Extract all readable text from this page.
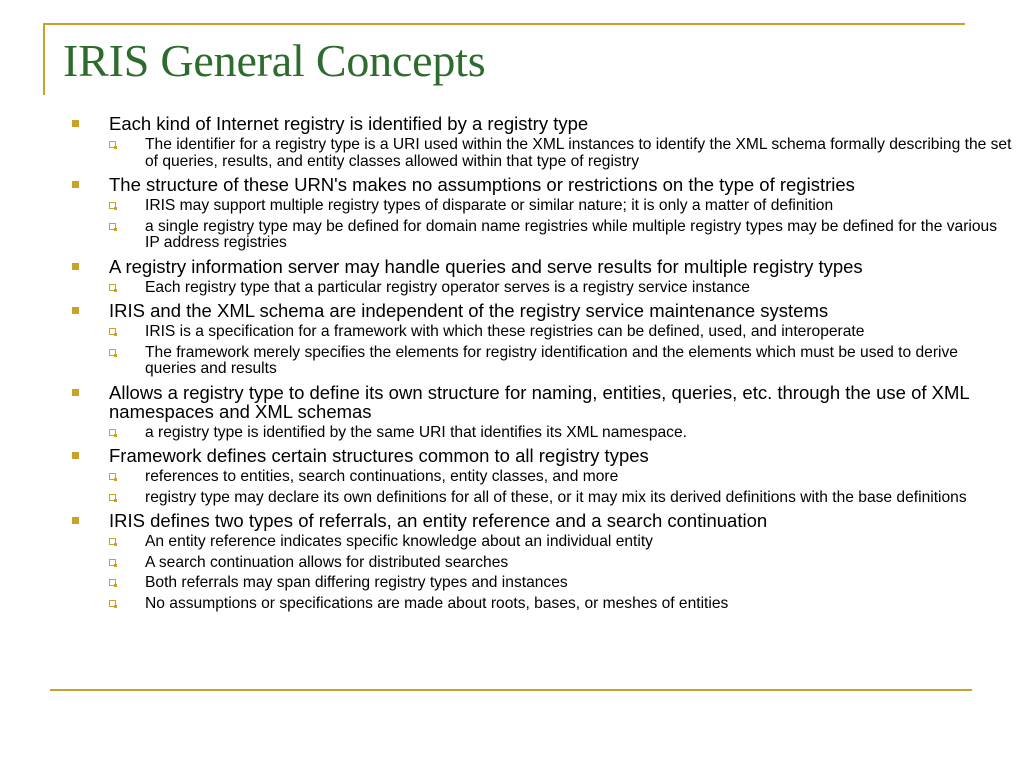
IRIS General Concepts
Each kind of Internet registry is identified by a registry type
The identifier for a registry type is a URI used within the XML instances to identify the XML schema formally describing the set of queries, results, and entity classes allowed within that type of registry
The structure of these URN's makes no assumptions or restrictions on the type of registries
IRIS may support multiple registry types of disparate or similar nature; it is only a matter of definition
a single registry type may be defined for domain name registries while multiple registry types may be defined for the various IP address registries
A registry information server may handle queries and serve results for multiple registry types
Each registry type that a particular registry operator serves is a registry service instance
IRIS and the XML schema are independent of the registry service maintenance systems
IRIS is a specification for a framework with which these registries can be defined, used, and interoperate
The framework merely specifies the elements for registry identification and the elements which must be used to derive queries and results
Allows a registry type to define its own structure for naming, entities, queries, etc. through the use of XML namespaces and XML schemas
a registry type is identified by the same URI that identifies its XML namespace.
Framework defines certain structures common to all registry types
references to entities, search continuations, entity classes, and more
registry type may declare its own definitions for all of these, or it may mix its derived definitions with the base definitions
IRIS defines two types of referrals, an entity reference and a search continuation
An entity reference indicates specific knowledge about an individual entity
A search continuation allows for distributed searches
Both referrals may span differing registry types and instances
No assumptions or specifications are made about roots, bases, or meshes of entities
